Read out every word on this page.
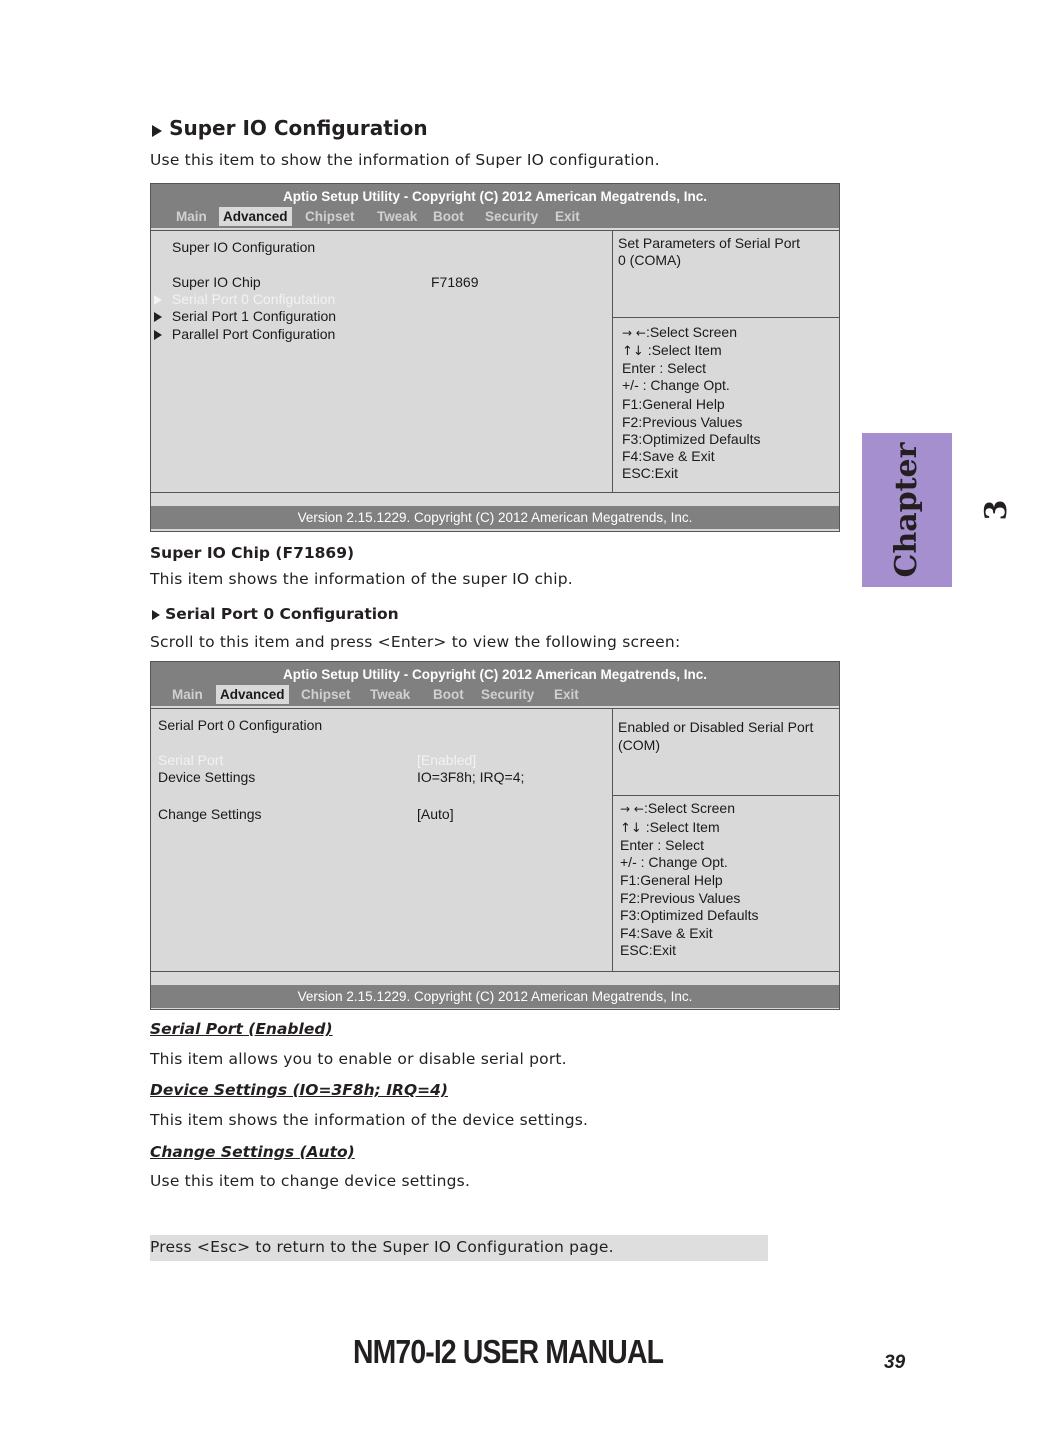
Super IO Configuration
Use this item to show the information of Super IO configuration.
Aptio Setup Utility - Copyright (C) 2012 American Megatrends, Inc.
Main Advanced Chipset Tweak Boot Security Exit
Super IO Configuration
Super IO Chip	F71869
Serial Port 0 Configutation
Serial Port 1 Configuration
Parallel Port Configuration
Set Parameters of Serial Port
0 (COMA)
→ ←:Select Screen
↑↓ :Select Item
Enter : Select
+/- : Change Opt.
F1:General Help
F2:Previous Values
F3:Optimized Defaults
F4:Save & Exit
ESC:Exit
Version 2.15.1229. Copyright (C) 2012 American Megatrends, Inc.
Super IO Chip (F71869)
This item shows the information of the super IO chip.
Serial Port 0 Configuration
Scroll to this item and press <Enter> to view the following screen:
Aptio Setup Utility - Copyright (C) 2012 American Megatrends, Inc.
Main Advanced Chipset Tweak Boot Security Exit
Serial Port 0 Configuration
Serial Port	[Enabled]
Device Settings	IO=3F8h; IRQ=4;
Change Settings	[Auto]
Enabled or Disabled Serial Port
(COM)
→ ←:Select Screen
↑↓ :Select Item
Enter : Select
+/- : Change Opt.
F1:General Help
F2:Previous Values
F3:Optimized Defaults
F4:Save & Exit
ESC:Exit
Version 2.15.1229. Copyright (C) 2012 American Megatrends, Inc.
Serial Port (Enabled)
This item allows you to enable or disable serial port.
Device Settings (IO=3F8h; IRQ=4)
This item shows the information of the device settings.
Change Settings (Auto)
Use this item to change device settings.
Press <Esc> to return to the Super IO Configuration page.
Chapter 3
NM70-I2 USER MANUAL	39
